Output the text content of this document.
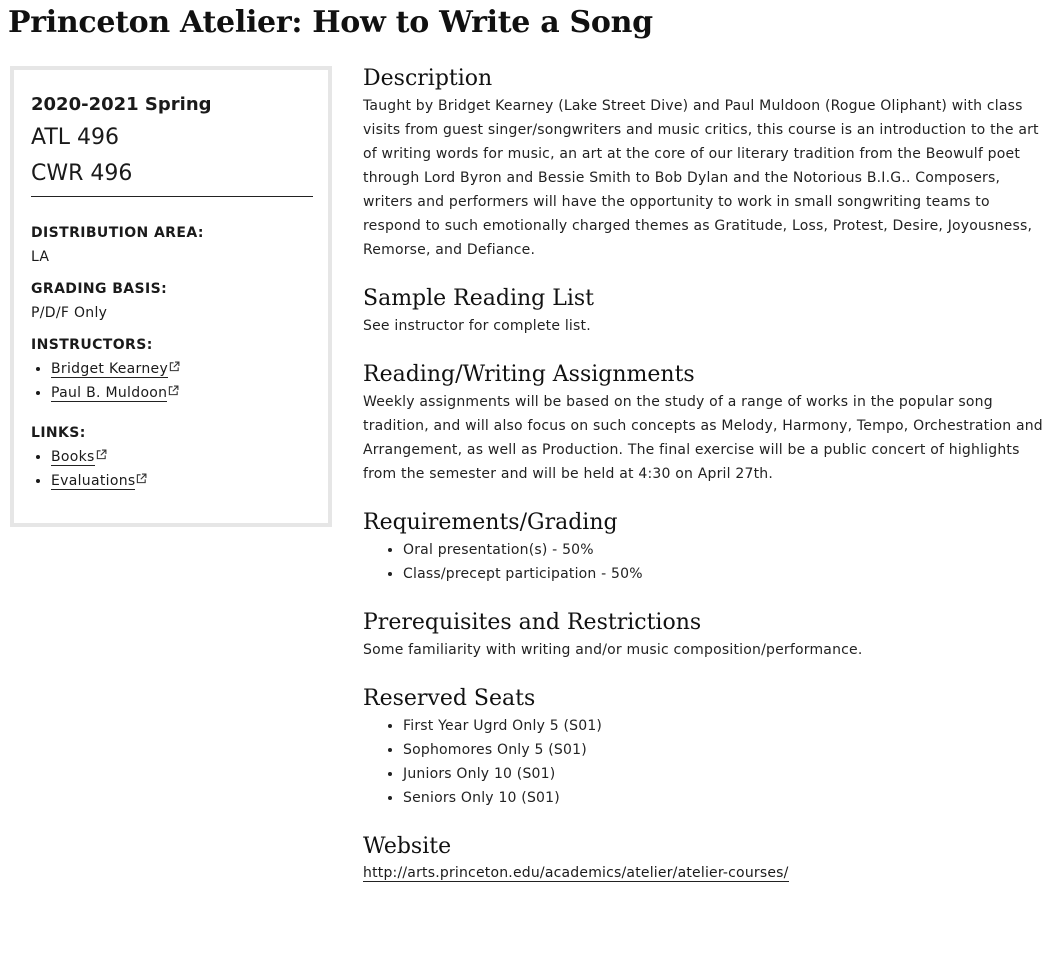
Princeton Atelier: How to Write a Song

2020-2021 Spring

ATL 496

CWR 496

DISTRIBUTION AREA:

LA

GRADING BASIS:

P/D/F Only

INSTRUCTORS:

• Bridget Kearney
• Paul B. Muldoon

LINKS:

• Books
• Evaluations
Description

Taught by Bridget Kearney (Lake Street Dive) and Paul Muldoon (Rogue Oliphant) with class visits from guest singer/songwriters and music critics, this course is an introduction to the art of writing words for music, an art at the core of our literary tradition from the Beowulf poet through Lord Byron and Bessie Smith to Bob Dylan and the Notorious B.I.G.. Composers, writers and performers will have the opportunity to work in small songwriting teams to respond to such emotionally charged themes as Gratitude, Loss, Protest, Desire, Joyousness, Remorse, and Defiance.

Sample Reading List

See instructor for complete list.

Reading/Writing Assignments

Weekly assignments will be based on the study of a range of works in the popular song tradition, and will also focus on such concepts as Melody, Harmony, Tempo, Orchestration and Arrangement, as well as Production. The final exercise will be a public concert of highlights from the semester and will be held at 4:30 on April 27th.

Requirements/Grading
• Oral presentation(s) - 50%
• Class/precept participation - 50%
Prerequisites and Restrictions

Some familiarity with writing and/or music composition/performance.

Reserved Seats
• First Year Ugrd Only 5 (S01)
• Sophomores Only 5 (S01)
• Juniors Only 10 (S01)
• Seniors Only 10 (S01)
Website
http://arts.princeton.edu/academics/atelier/atelier-courses/
